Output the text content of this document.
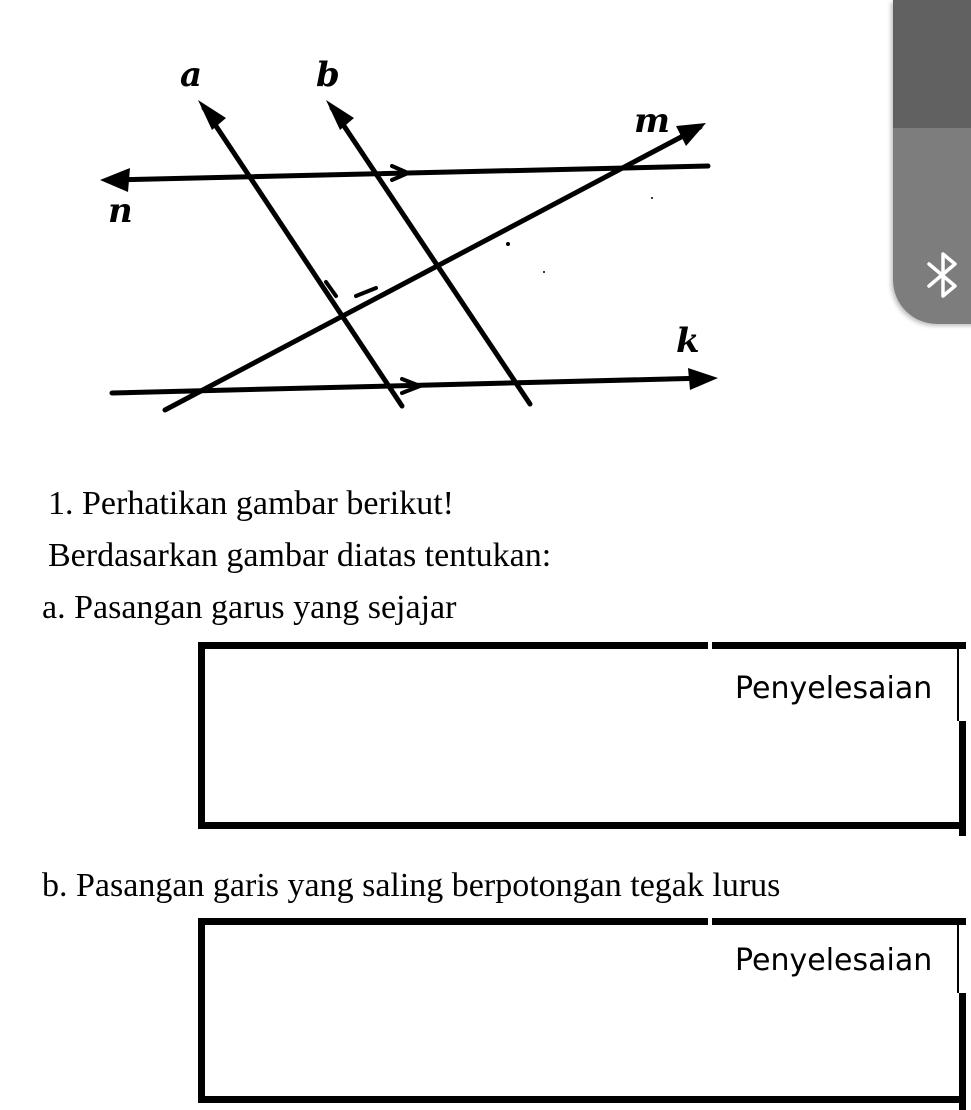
a	b
m
n
k
1. Perhatikan gambar berikut!
Berdasarkan gambar diatas tentukan:
a. Pasangan garus yang sejajar
Penyelesaian
b. Pasangan garis yang saling berpotongan tegak lurus
Penyelesaian
